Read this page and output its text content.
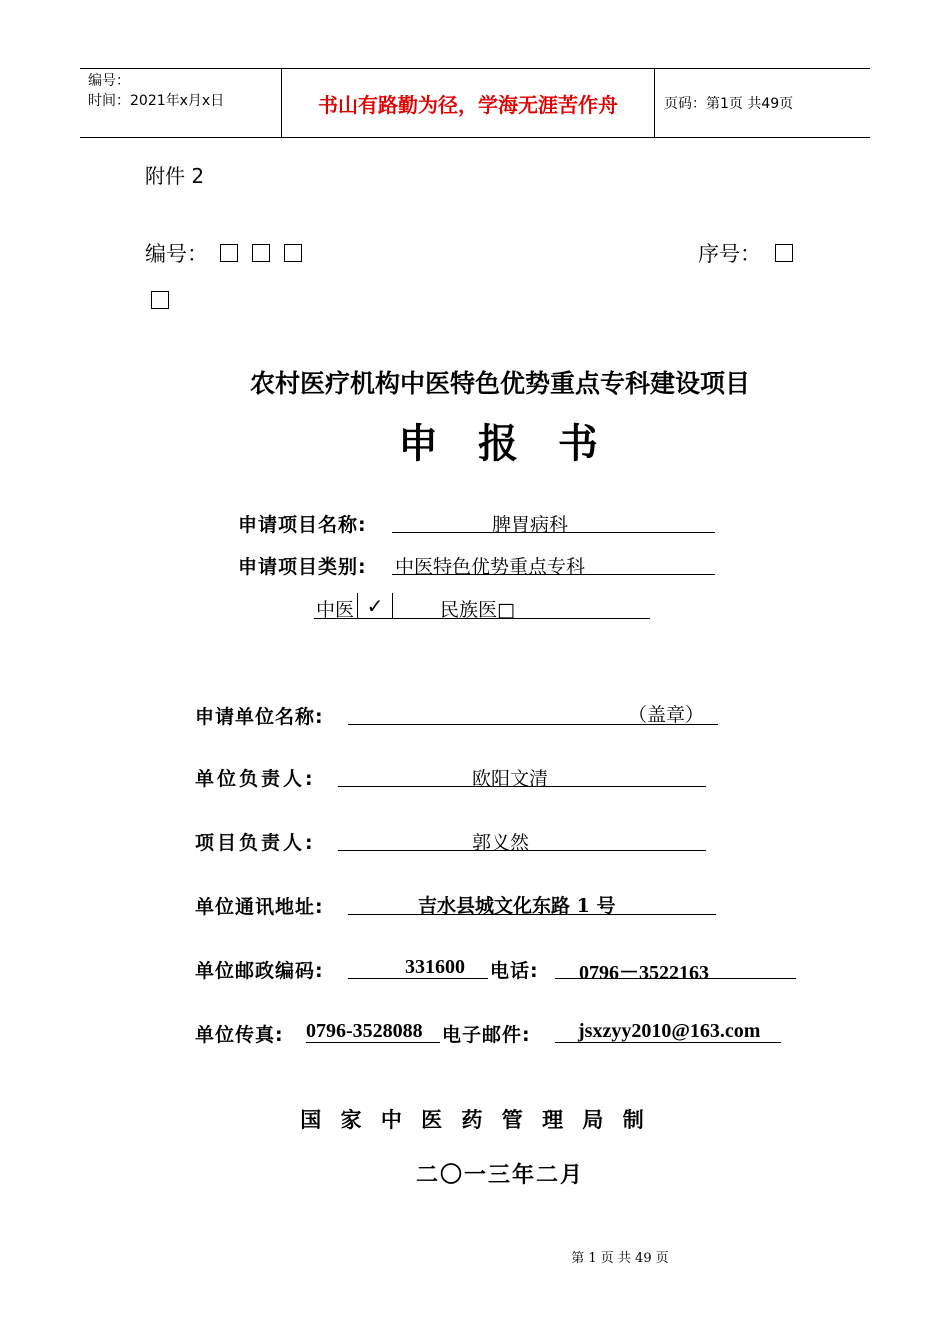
编号：
时间：2021年x月x日	书山有路勤为径，学海无涯苦作舟	页码：第1页 共49页
附件 2
编号：	序号：
农村医疗机构中医特色优势重点专科建设项目
申  报  书
申请项目名称:	脾胃病科
申请项目类别: 中医特色优势重点专科
中医 ✓	民族医□
申请单位名称:	（盖章）
单位负责人:	欧阳文清
项目负责人:	郭义然
单位通讯地址:	吉水县城文化东路 1 号
单位邮政编码:	331600 电话: 0796－3522163
单位传真: 0796-3528088 电子邮件: jsxzyy2010@163.com
国 家 中 医 药 管 理 局 制
二〇一三年二月
第 1 页 共 49 页
